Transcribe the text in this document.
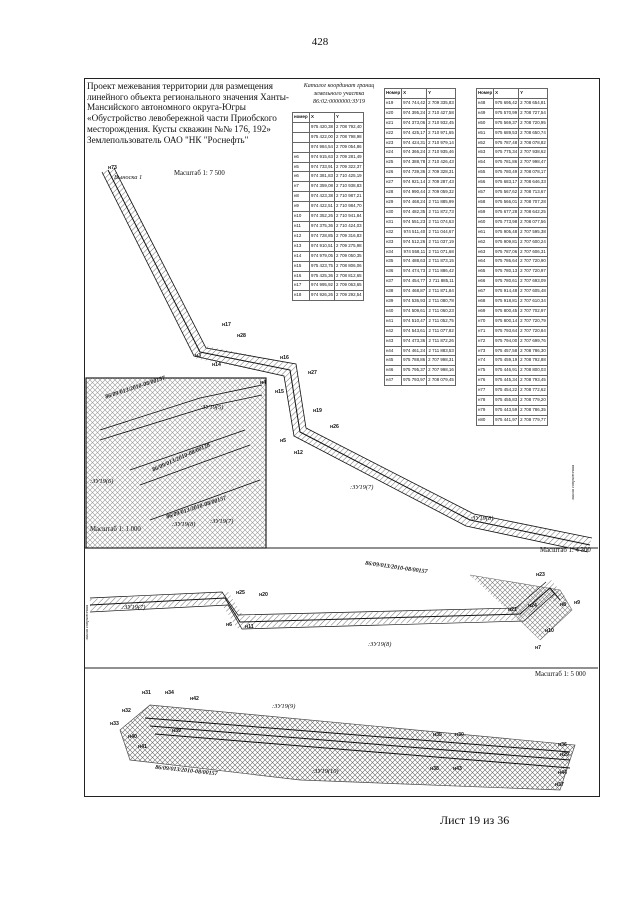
428
Проект межевания территории для размещения линейного объекта регионального значения Ханты-Мансийского автономного округа-Югры «Обустройство левобережной части Приобского месторождения. Кусты скважин №№ 176, 192» Землепользователь ОАО "НК "Роснефть"
Каталог координат границ земельного участка 86:02:0000000:ЗУ19
номер	X	Y
	975 420,38	2 708 792,40
	975 422,00	2 708 798,98
	974 984,54	2 709 054,86
н6	974 915,63	2 709 281,49
н5	974 733,91	2 709 322,37
н6	974 381,83	2 710 425,19
н7	974 359,08	2 710 938,83
н8	974 423,38	2 710 987,21
н9	974 422,51	2 710 984,70
н10	974 352,26	2 710 941,84
н11	974 375,36	2 710 424,03
н12	974 728,85	2 709 316,83
н13	974 910,51	2 709 275,98
н14	974 979,05	2 709 050,35
н15	975 423,75	2 708 806,06
н16	975 425,36	2 708 812,65
н17	974 995,92	2 709 063,65
н18	974 926,26	2 709 292,54
Номер	X	Y
н19	974 744,42	2 709 335,83
н20	974 395,24	2 710 427,58
н21	974 373,06	2 710 932,45
н22	974 425,17	2 710 971,65
н23	974 424,31	2 710 979,14
н24	974 366,24	2 710 935,46
н25	974 388,78	2 710 426,43
н26	974 739,36	2 709 328,31
н27	974 921,14	2 709 287,43
н28	974 990,44	2 709 059,32
н29	974 468,24	2 711 885,99
н30	974 482,35	2 711 872,73
н31	974 551,23	2 711 074,63
н32	974 511,40	2 711 044,67
н33	974 512,26	2 711 037,19
н34	974 558,11	2 711 071,68
н35	974 488,63	2 711 873,15
н36	974 474,73	2 711 886,42
н37	974 454,77	2 711 885,11
н38	974 468,87	2 711 871,84
н39	974 536,93	2 711 080,78
н40	974 509,61	2 711 060,23
н41	974 510,47	2 711 052,75
н42	974 543,61	2 711 077,82
н43	974 473,36	2 711 872,26
н44	974 461,24	2 711 883,53
н45	975 788,86	2 707 998,31
н46	975 795,37	2 707 998,16
н47	975 793,97	2 708 079,45
Номер	X	Y
н48	975 695,42	2 708 654,81
н49	975 570,99	2 708 727,54
н50	975 569,37	2 708 720,95
н51	975 689,53	2 708 650,74
н52	975 787,48	2 708 078,82
н53	975 775,34	2 707 938,62
н54	975 781,86	2 707 998,47
н55	975 780,49	2 708 078,17
н56	975 683,17	2 708 646,33
н57	975 567,62	2 708 713,67
н58	975 566,01	2 708 707,28
н59	975 677,28	2 708 642,25
н60	975 773,98	2 708 077,56
н61	975 905,48	2 707 595,38
н62	975 909,81	2 707 600,24
н63	975 787,06	2 707 606,31
н64	975 786,64	2 707 720,90
н65	975 780,13	2 707 720,97
н66	975 780,61	2 707 693,09
н67	975 914,48	2 707 605,48
н68	975 918,81	2 707 610,34
н69	975 800,45	2 707 702,97
н70	975 800,14	2 707 720,79
н71	975 793,64	2 707 720,84
н72	975 794,00	2 707 699,76
н73	975 457,58	2 708 786,30
н74	975 459,19	2 708 792,88
н75	975 446,91	2 708 800,03
н76	975 445,34	2 708 793,45
н77	975 454,22	2 708 772,62
н78	975 455,83	2 708 779,20
н79	975 443,59	2 708 786,35
н80	975 441,97	2 708 779,77
н73
н17
н28
н3
н14
н16
н27
н4
н15
н19
н26
н5
н12
Выноска 1
Масштаб 1: 7 500
86/09/013/2010-08/00157
:ЗУ19(5)
86/09/013/2010-08/00128
:ЗУ19(6)
86/09/013/2010-08/00157
:ЗУ19(8) :ЗУ19(7)
:ЗУ19(7)
:ЗУ19(8)
Масштаб 1: 1 000
Масштаб 1: 4 300
86/09/013/2010-08/00157
:ЗУ19(7)
:ЗУ19(8)
н25	н20
н6 н11
н23
н24
н21
н8 н9
н10
н7
Масштаб 1: 5 000
н31	н34
н42
н32
н33
н39
н40
н41
н35	н30
н36
н29
н38	н43
н44
н37
:ЗУ19(9)
:ЗУ19(10)
86/09/013/2010-08/00157
линия сопряжения
линия сопряжения
Лист 19 из 36
